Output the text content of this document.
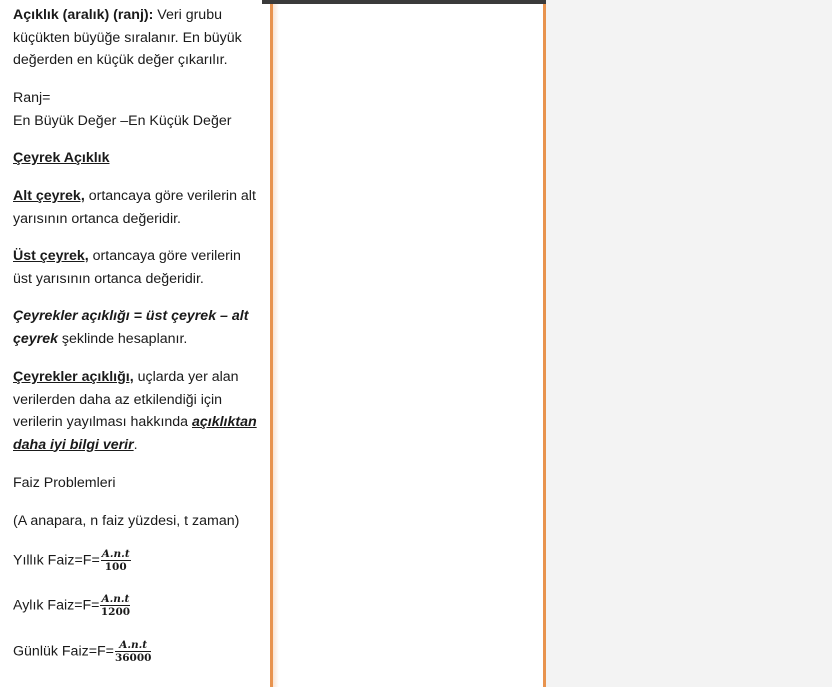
Açıklık (aralık) (ranj): Veri grubu
küçükten büyüğe sıralanır. En büyük
değerden en küçük değer çıkarılır.
Ranj=
En Büyük Değer –En Küçük Değer
Çeyrek Açıklık
Alt çeyrek, ortancaya göre verilerin alt
yarısının ortanca değeridir.
Üst çeyrek, ortancaya göre verilerin
üst yarısının ortanca değeridir.
Çeyrekler açıklığı = üst çeyrek – alt
çeyrek şeklinde hesaplanır.
Çeyrekler açıklığı, uçlarda yer alan
verilerden daha az etkilendiği için
verilerin yayılması hakkında açıklıktan
daha iyi bilgi verir.
Faiz Problemleri
(A anapara, n faiz yüzdesi, t zaman)
Yıllık Faiz=F= $\frac{A.n.t}{100}$
Aylık Faiz=F= $\frac{A.n.t}{1200}$
Günlük Faiz=F= $\frac{A.n.t}{36000}$
